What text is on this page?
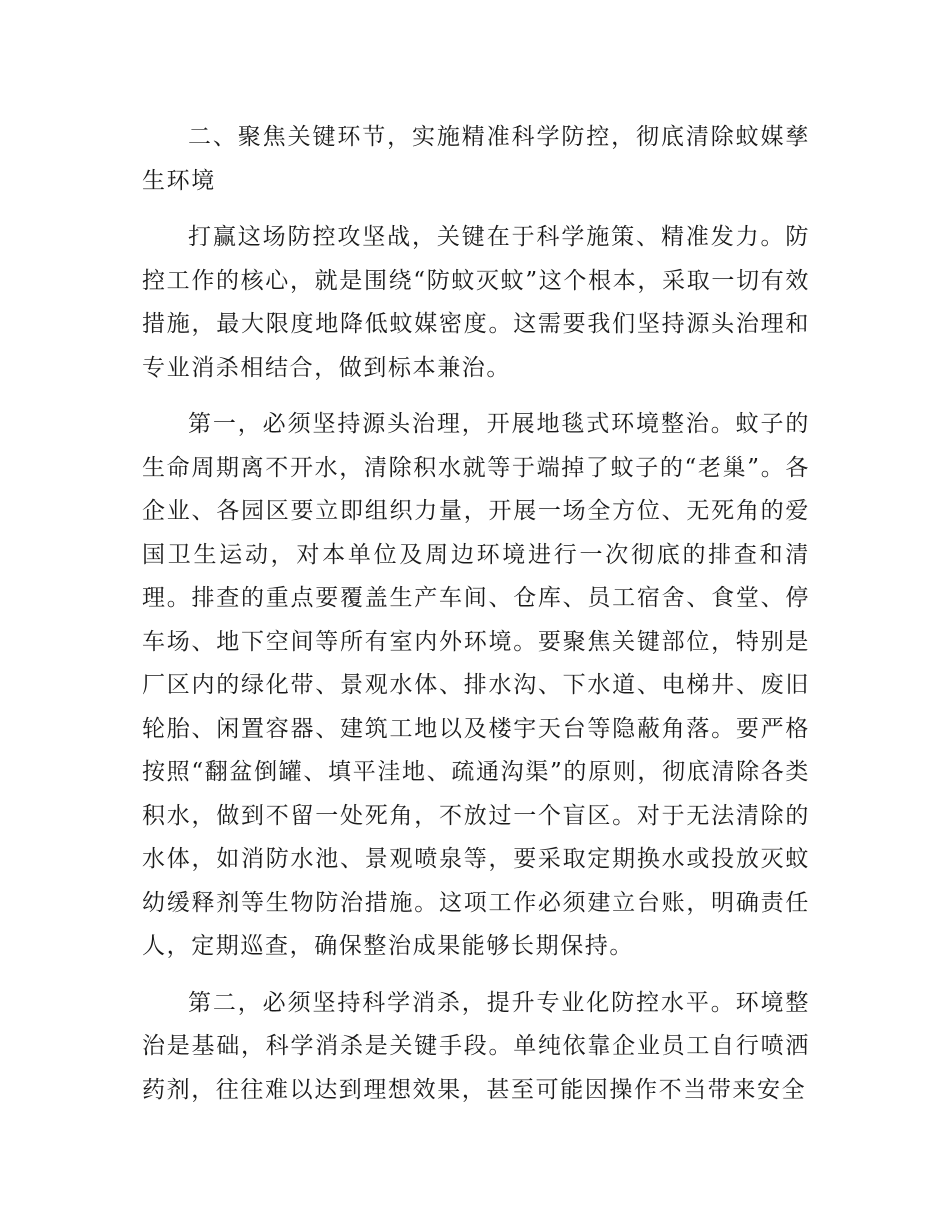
二、聚焦关键环节，实施精准科学防控，彻底清除蚊媒孳生环境

打赢这场防控攻坚战，关键在于科学施策、精准发力。防控工作的核心，就是围绕“防蚊灭蚊”这个根本，采取一切有效措施，最大限度地降低蚊媒密度。这需要我们坚持源头治理和专业消杀相结合，做到标本兼治。

第一，必须坚持源头治理，开展地毯式环境整治。蚊子的生命周期离不开水，清除积水就等于端掉了蚊子的“老巢”。各企业、各园区要立即组织力量，开展一场全方位、无死角的爱国卫生运动，对本单位及周边环境进行一次彻底的排查和清理。排查的重点要覆盖生产车间、仓库、员工宿舍、食堂、停车场、地下空间等所有室内外环境。要聚焦关键部位，特别是厂区内的绿化带、景观水体、排水沟、下水道、电梯井、废旧轮胎、闲置容器、建筑工地以及楼宇天台等隐蔽角落。要严格按照“翻盆倒罐、填平洼地、疏通沟渠”的原则，彻底清除各类积水，做到不留一处死角，不放过一个盲区。对于无法清除的水体，如消防水池、景观喷泉等，要采取定期换水或投放灭蚊幼缓释剂等生物防治措施。这项工作必须建立台账，明确责任人，定期巡查，确保整治成果能够长期保持。

第二，必须坚持科学消杀，提升专业化防控水平。环境整治是基础，科学消杀是关键手段。单纯依靠企业员工自行喷洒药剂，往往难以达到理想效果，甚至可能因操作不当带来安全
